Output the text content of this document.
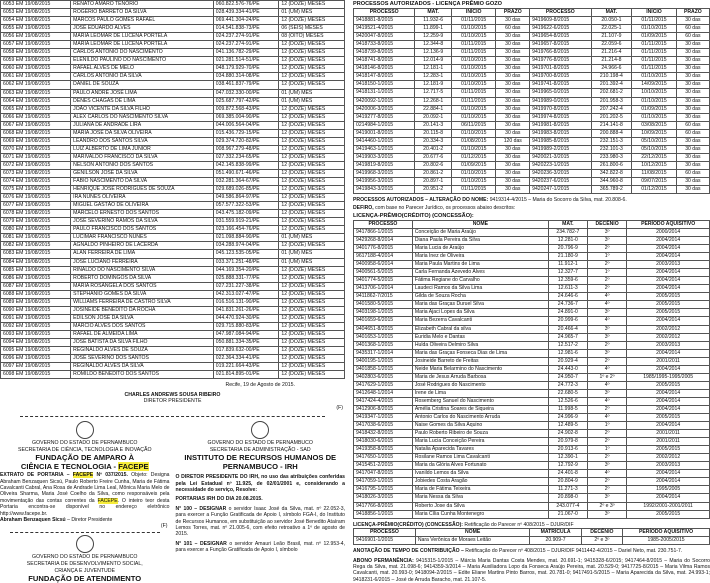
6053 EM 19/08/2015	RENATO AMARO TENÓRIO	060.822.576-76/PE	12 (DOZE) MESES
6053 EM 19/08/2015	ROGÉRIO BARRETO DA SILVA	028.439.334-41/PE	01 (UM) MÊS
6054 EM 19/08/2015	MARCOS PAULO GOMES RAFAEL	069.441.304-24/PE	12 (DOZE) MESES
6055 EM 19/08/2015	JOSÉ EDUARDO ALVES	014.541.838-73/PE	06 (SEIS) MESES
6056 EM 19/08/2015	MARIA LEOMAR DE LUCENA PORTELA	024.237.274-91/PE	08 (OITO) MESES
6057 EM 19/08/2015	MARIA LEOMAR DE LUCENA PORTELA	024.237.274-91/PE	12 (DOZE) MESES
6058 EM 19/08/2015	CARLOS ANTONIO DO NASCIMENTO	041.136.782-29/PE	12 (DOZE) MESES
6059 EM 19/08/2015	ELENILDO PAULINO DO NASCIMENTO	021.281.514-51/PE	12 (DOZE) MESES
6060 EM 19/08/2015	RAFAEL ALVES DE MELO	048.179.929-70/PE	12 (DOZE) MESES
6061 EM 19/08/2015	CARLOS ANTONIO DA SILVA	034.880.314-08/PE	12 (DOZE) MESES
6062 EM 19/08/2015	DANIEL DE SOUZA	038.461.837-79/PE	12 (DOZE) MESES
6063 EM 19/08/2015	PAULO ANDRÉ JOSÉ LIMA	047.032.330-00/PE	01 (UM) MÊS
6064 EM 19/08/2015	DENES CHAGAS DE LIMA	025.687.797-42/PE	01 (UM) MÊS
6065 EM 19/08/2015	JOÃO VICENTE DA SILVA FILHO	009.872.568-43/PE	12 (DOZE) MESES
6066 EM 19/08/2015	ALEX CARLOS DO NASCIMENTO SILVA	069.385.004-90/PE	12 (DOZE) MESES
6067 EM 19/08/2015	JULIANA DE ANDRADE LIRA	044.006.564-04/PE	12 (DOZE) MESES
6068 EM 19/08/2015	MARIA JOSÉ DA SILVA OLIVEIRA	015.436.729-15/PE	12 (DOZE) MESES
6069 EM 19/08/2015	LEANDRO DOS SANTOS SILVA	029.374.720-82/PE	12 (DOZE) MESES
6070 EM 19/08/2015	LUIZ ALBERTO DE LIMA JUNIOR	008.967.279-48/PE	12 (DOZE) MESES
6071 EM 19/08/2015	MARIVALDO FRANCISCO DA SILVA	027.332.234-65/PE	12 (DOZE) MESES
6072 EM 19/08/2015	NELSON ANTONIO DOS SANTOS	042.145.838-99/PE	12 (DOZE) MESES
6073 EM 19/08/2015	GENILSON JOSÉ DA SILVA	051.490.671-46/PE	12 (DOZE) MESES
6074 EM 19/08/2015	FÁBIO NASCIMENTO DA SILVA	032.281.364-67/PE	12 (DOZE) MESES
6075 EM 19/08/2015	HENRIQUE JOSÉ RODRIGUES DE SOUZA	029.689.026-85/PE	12 (DOZE) MESES
6076 EM 19/08/2015	IRA NUNES OLIVEIRA	049.586.864-97/PE	12 (DOZE) MESES
6077 EM 19/08/2015	MIGUEL GASTÃO DE OLIVEIRA	057.577.322-53/PE	12 (DOZE) MESES
6078 EM 19/08/2015	MARCELO ERNESTO DOS SANTOS	043.475.182-09/PE	12 (DOZE) MESES
6079 EM 19/08/2015	JOSÉ SEVERINO RAMOS DA SILVA	031.559.919-21/PE	12 (DOZE) MESES
6080 EM 19/08/2015	PAULO FRANCISCO DOS SANTOS	023.166.454-76/PE	12 (DOZE) MESES
6081 EM 19/08/2015	LUCIMAR FRANCISCO NUNES	021.098.884-90/PE	01 (UM) MÊS
6082 EM 19/08/2015	AGNALDO PINHEIRO DE LACERDA	034.288.974-04/PE	12 (DOZE) MESES
6083 EM 19/08/2015	ALAN FERREIRA DE LIMA	045.123.535-05/PE	01 (UM) MÊS
6084 EM 19/08/2015	JOSÉ LUCIANO FERREIRA	033.371.251-48/PE	01 (UM) MÊS
6085 EM 19/08/2015	RINALDO DO NASCIMENTO SILVA	044.169.354-20/PE	12 (DOZE) MESES
6086 EM 19/08/2015	ROBERTO DOMINGOS DA SILVA	025.888.331-77/PE	12 (DOZE) MESES
6087 EM 19/08/2015	MARIA ROSÂNGELA DOS SANTOS	027.231.227-38/PE	12 (DOZE) MESES
6088 EM 19/08/2015	STEPHANIO GOMES DA SILVA	042.313.027-47/PE	12 (DOZE) MESES
6089 EM 19/08/2015	WILLIAMS FERREIRA DE CASTRO SILVA	016.516.131-90/PE	12 (DOZE) MESES
6090 EM 19/08/2015	JOSINEIDE BENEDITO DA ROCHA	041.831.261-26/PE	12 (DOZE) MESES
6091 EM 19/08/2015	EDILSON JOSÉ DA SILVA	044.470.924-30/PE	12 (DOZE) MESES
6092 EM 19/08/2015	MARCIO ALVES DOS SANTOS	029.715.880-83/PE	12 (DOZE) MESES
6093 EM 19/08/2015	RAFAEL DE ALMEIDA LIMA	047.987.084-94/PE	12 (DOZE) MESES
6094 EM 19/08/2015	JOSÉ BATISTA DA SILVA FILHO	050.881.334-35/PE	12 (DOZE) MESES
6095 EM 19/08/2015	REGINALDO ALVES DE SOUZA	017.839.632-00/PE	12 (DOZE) MESES
6096 EM 19/08/2015	JOSÉ SEVERINO DOS SANTOS	022.364.334-41/PE	12 (DOZE) MESES
6097 EM 19/08/2015	REGINALDO ALVES DA SILVA	019.221.664-43/PE	12 (DOZE) MESES
6098 EM 19/08/2015	ROMILDO BENEDITO DOS SANTOS	021.814.895-01/PE	12 (DOZE) MESES
Recife, 19 de Agosto de 2015.
CHARLES ANDREWS SOUSA RIBEIRO
DIRETOR PRESIDENTE
(F)
GOVERNO DO ESTADO DE PERNAMBUCO
SECRETARIA DE CIÊNCIA, TECNOLOGIA E INOVAÇÃO
FUNDAÇÃO DE AMPARO À
CIÊNCIA E TECNOLOGIA - FACEPE
EXTRATO DE PORTARIA – FACEPE Nº 037/2015. Objeto: Designa Abraham Benzaquen Sicsú, Paulo Roberto Freire Cunha, Maria de Fátima Cavalcanti Cabral, Ana Rosa de Andrade Lima Leal, Mônica Maria Melo de Oliveira Sharma, Maria José Coelho da Silva, como responsáveis pela movimentação das contas correntes da FACEPE. O inteiro teor desta Portaria encontra-se disponível no endereço eletrônico http://www.facepe.br.
Abraham Benzaquen Sicsú – Diretor Presidente
(F)
GOVERNO DO ESTADO DE PERNAMBUCO
SECRETARIA DE DESENVOLVIMENTO SOCIAL,
CRIANÇA E JUVENTUDE
FUNDAÇÃO DE ATENDIMENTO
GOVERNO DO ESTADO DE PERNAMBUCO
SECRETARIA DE ADMINISTRAÇÃO - SAD
INSTITUTO DE RECURSOS HUMANOS DE
PERNAMBUCO - IRH
O DIRETOR PRESIDENTE DO IRH, no uso das atribuições conferidas pela Lei Estadual nº 11.925, de 02/01/2001 e, considerando a necessidade do serviço, Resolve:
PORTARIAS IRH DO DIA 20.08.2015.
N° 100 – DESIGNAR o servidor Isaac José da Silva, mat. nº 22.052-3, para exercer a Função Gratificada de Apoio I, símbolo FGA-I, do Instituto de Recursos Humanos, em substituição ao servidor José Benedito Ataíram Lemos Torres, mat. nº 21.005-6, com efeito retroativo a 1º de agosto de 2015.
N° 101 – DESIGNAR o servidor Amauri Leão Brasil, mat. nº 12.953-4, para exercer a Função Gratificada de Apoio I, símbolo
PROCESSOS AUTORIZADOS - LICENÇA PRÊMIO GOZO
PROCESSO	MAT.	INÍCIO	PRAZO	PROCESSO	MAT.	INÍCIO	PRAZO
9418881-8/2015	11.932-6	01/11/2015	30 das	9419609-8/2015	20.050-1	01/11/2015	30 das
9419521-4/2015	11.899-1	01/10/2015	60 das	9419622-6/2015	22.025-1	01/10/2015	60 das
9420047-8/2015	12.259-9	01/10/2015	30 das	9419654-8/2015	21.107-9	01/09/2015	60 das
9418733-8/2015	12.344-8	01/11/2015	30 das	9419657-8/2015	22.059-6	01/11/2015	30 das
9418739-8/2015	12.136-9	01/11/2015	30 das	9419766-8/2015	21.216-4	01/11/2015	30 das
9418741-8/2015	12.014-9	01/10/2015	30 das	9419776-8/2015	21.214-8	01/11/2015	30 das
9418146-8/2015	12.181-1	01/10/2015	30 das	9419701-8/2015	24.966-6	01/11/2015	30 das
9418147-8/2015	12.283-1	01/10/2015	30 das	9419700-8/2015	210.198-4	01/10/2015	30 das
9418150-1/2015	12.181-9	01/10/2015	30 das	9419741-8/2015	201.392-4	14/09/2015	30 das
9418131-1/2015	12.717-5	01/11/2015	30 das	9419965-0/2015	202.681-2	10/10/2015	30 das
9420092-1/2015	12.268-1	01/11/2015	30 das	9419989-0/2015	201.958-3	01/10/2015	30 das
9420006-3/2015	22.884-1	01/10/2015	30 das	9419970-8/2015	207.242-4	01/09/2015	30 das
9419277-8/2015	20.092-1	01/10/2015	30 das	9419974-8/2015	201.202-5	01/10/2015	30 das
0214984-1/2015	20.141-3	06/11/2015	30 das	9419981-8/2015	214.141-8	03/08/2015	60 das
9419001-8/2015	20.115-8	01/10/2015	30 das	9419983-8/2015	200.888-4	10/09/2015	60 das
9414460-1/2015	20.334-3	01/08/2015	120 das	9419985-8/2015	232.151-3	05/10/2015	30 das
9419463-1/2015	20.401-2	01/10/2015	30 das	9419989-2/2015	232.101-3	05/10/2015	30 das
9419903-3/2015	20.677-6	01/12/2015	30 das	9420021-3/2015	233.980-3	22/12/2015	30 das
9419819-8/2015	20.802-6	01/09/2015	30 das	9420223-1/2015	261.800-6	10/12/2015	30 das
9419968-3/2015	20.861-2	01/10/2015	30 das	9420236-3/2015	342.822-8	11/08/2015	60 das
9419956-3/2015	20.897-1	01/10/2015	30 das	9420237-6/2015	344.960-8	09/07/2015	30 das
9419843-3/2015	20.951-2	01/11/2015	30 das	9420247-1/2015	365.789-2	01/12/2015	30 das
PROCESSOS AUTORIZADOS – ALTERAÇÃO DO NOME: 9419314-4/2015 – Maria do Socorro da Silva, mat. 20.808-6.
DEFIRO, com base no Parecer Jurídico, os processos abaixo descritos:
LICENÇA-PRÊMIO(CRÉDITO) (CONCESSÃO):
PROCESSO	NOME	MAT.	DECÊNIO	PERÍODO AQUISITIVO
9417866-1/2015	Conceição de Maria Araújo	234.782-7	3º	2000/2014
9429268-8/2014	Diana Paula Pereira da Silva	12.281-0	3º	2004/2014
9401776-8/2015	Maria Lucia de Araújo	20.796-9	2º	2004/2014
9617188-4/2014	Maria Inez de Oliveira	21.180-9	1º	2004/2014
9400958-6/2014	Maria Paula Martins de Lima	11.912-1	2º	2003/2013
9400561-5/2015	Carla Fernanda Azevedo Alves	12.327-7	1º	2004/2014
9401774-5/2015	Fátima Regiane do Carvalho	12.359-6	2º	2004/2014
9413706-1/2014	Laudeci Ramos da Silva Lima	12.611-3	2º	2004/2014
9411862-7/2015	Gilda de Souza Rocha	24.646-6	4º	2005/2015
9401580-5/2015	Maria das Graças Duruel Silva	24.736-7	4º	2005/2015
9403198-1/2015	Maria Ajaci Lopes da Silva	24.891-0	3º	2005/2015
9401659-6/2015	Maria Bezerra Cavalcanti	20.999-6	4º	2004/2014
9404651-8/2015	Elizabeth Cabral da silva	20.466-4	3º	2002/2012
9401653-1/2015	Euridia Melo e Dantas	24.965-7	3º	2002/2012
9401368-1/2015	Hulda Oliveira Delmiro Silva	12.517-2	2º	2003/2013
9435317-1/2014	Maria das Graças Fonseca Dias de Lima	12.981-6	3º	2004/2014
9400195-1/2015	Josineide Barreto de Freitas	20.929-4	2º	2001/2011
9401858-1/2015	Neide Maria Belarmino do Nascimento	24.443-0	4º	2004/2014
9402803-6/2015	Maria de Jesus Arruda Barbosa	24.950-7	1º e 2º	1985/1995-1995/2005
9417629-1/2015	José Rodrigues do Nascimento	24.772-3	4º	2005/2015
9412648-1/2014	Irene de Lima	22.680-5	3º	2004/2014
9417424-4/2015	Rosemberg Sanuel do Nascimento	12.526-6	4º	2004/2014
9412906-8/2015	Amélia Cristina Soares de Siqueira	11.998-5	2º	2004/2014
9419347-1/2015	Antonio Carlos do Nascimento Arruda	24.996-9	4º	2005/2015
9417038-6/2015	Naise Gomes da Silva Aquino	12.489-5	1º	2004/2014
9418432-8/2015	Paulo Roberto Ribeiro de Souza	24.902-8	2º	2001/2011
9418030-6/2015	Maria Lucia Conceição Pereira	20.979-8	2º	2001/2011
9419358-8/2015	Natalia Aparecida Tavares	20.913-6	1º	2005/2015
9417650-1/2015	Rosilane Ramos Lima Cavalcanti	12.390-1	2º	2002/2012
9415451-2/2015	Maria da Glória Alves Fortunato	12.792-9	3º	2003/2013
9417047-8/2015	Ivanildo Lemos da Silva	24.401-8	4º	2004/2014
9417059-1/2015	Jobiedes Costa Aragão	20.804-9	2º	2004/2014
9416795-1/2015	Maria de Fátima Teixeira	11.271-3	2º	1995/2005
9418026-3/2015	Maria Nessa da Silva	20.898-0	3º	2004/2014
9417766-8/2015	Roberto Jose da Silva	243.077-4	2º e 3º	1992/2001-2001/2011
9418856-1/2015	Maria Cília Cunha Montenegro	21.067-0	3º	2005/2015
LICENÇA-PRÊMIO(CRÉDITO) (CONCESSÃO): Retificação do Parecer nº 408/2015 – DJUR/DIF
PROCESSO	NOME	MATRÍCULA	DECÊNIO	PERÍODO AQUISITIVO
9416901-1/2015	Nara Verônica de Moraes Leitão	20.909-7	2º e 3º	1985-2005/2015
ANOTAÇÃO DE TEMPO DE CONTRIBUIÇÃO – Retificação do Parecer nº 408/2015 – DJUR/DIF 9411442-4/2015 – Dariel Neto, mat. 230.751-7.
ABONO PERMANÊNCIA: 9415315-1/2015 – Márcia Maria Dantas Costa Mendes, mat. 20.691-1; 9415328-6/2015; 9417464-8/2015 – Maria do Socorro Rega da Silva, mat. 21.098-6; 9414359-3/2014 – Maria Auxiliadora Lopo da Fonseca Araújo Pereira, mat. 20.529-0; 9417725-8/2015 – Maria Vilma Ramos Cavalcanti, mat. 20.993-0; 9418094-2/2015 – Edite Eliane Martins Pinto Barros, mat. 20.781-0; 9417491-5/2015 – Maria Aparecida da Silva, mat. 24.993-1; 9418231-6/2015 – José de Arruda Baracho, mat. 21.107-5.
